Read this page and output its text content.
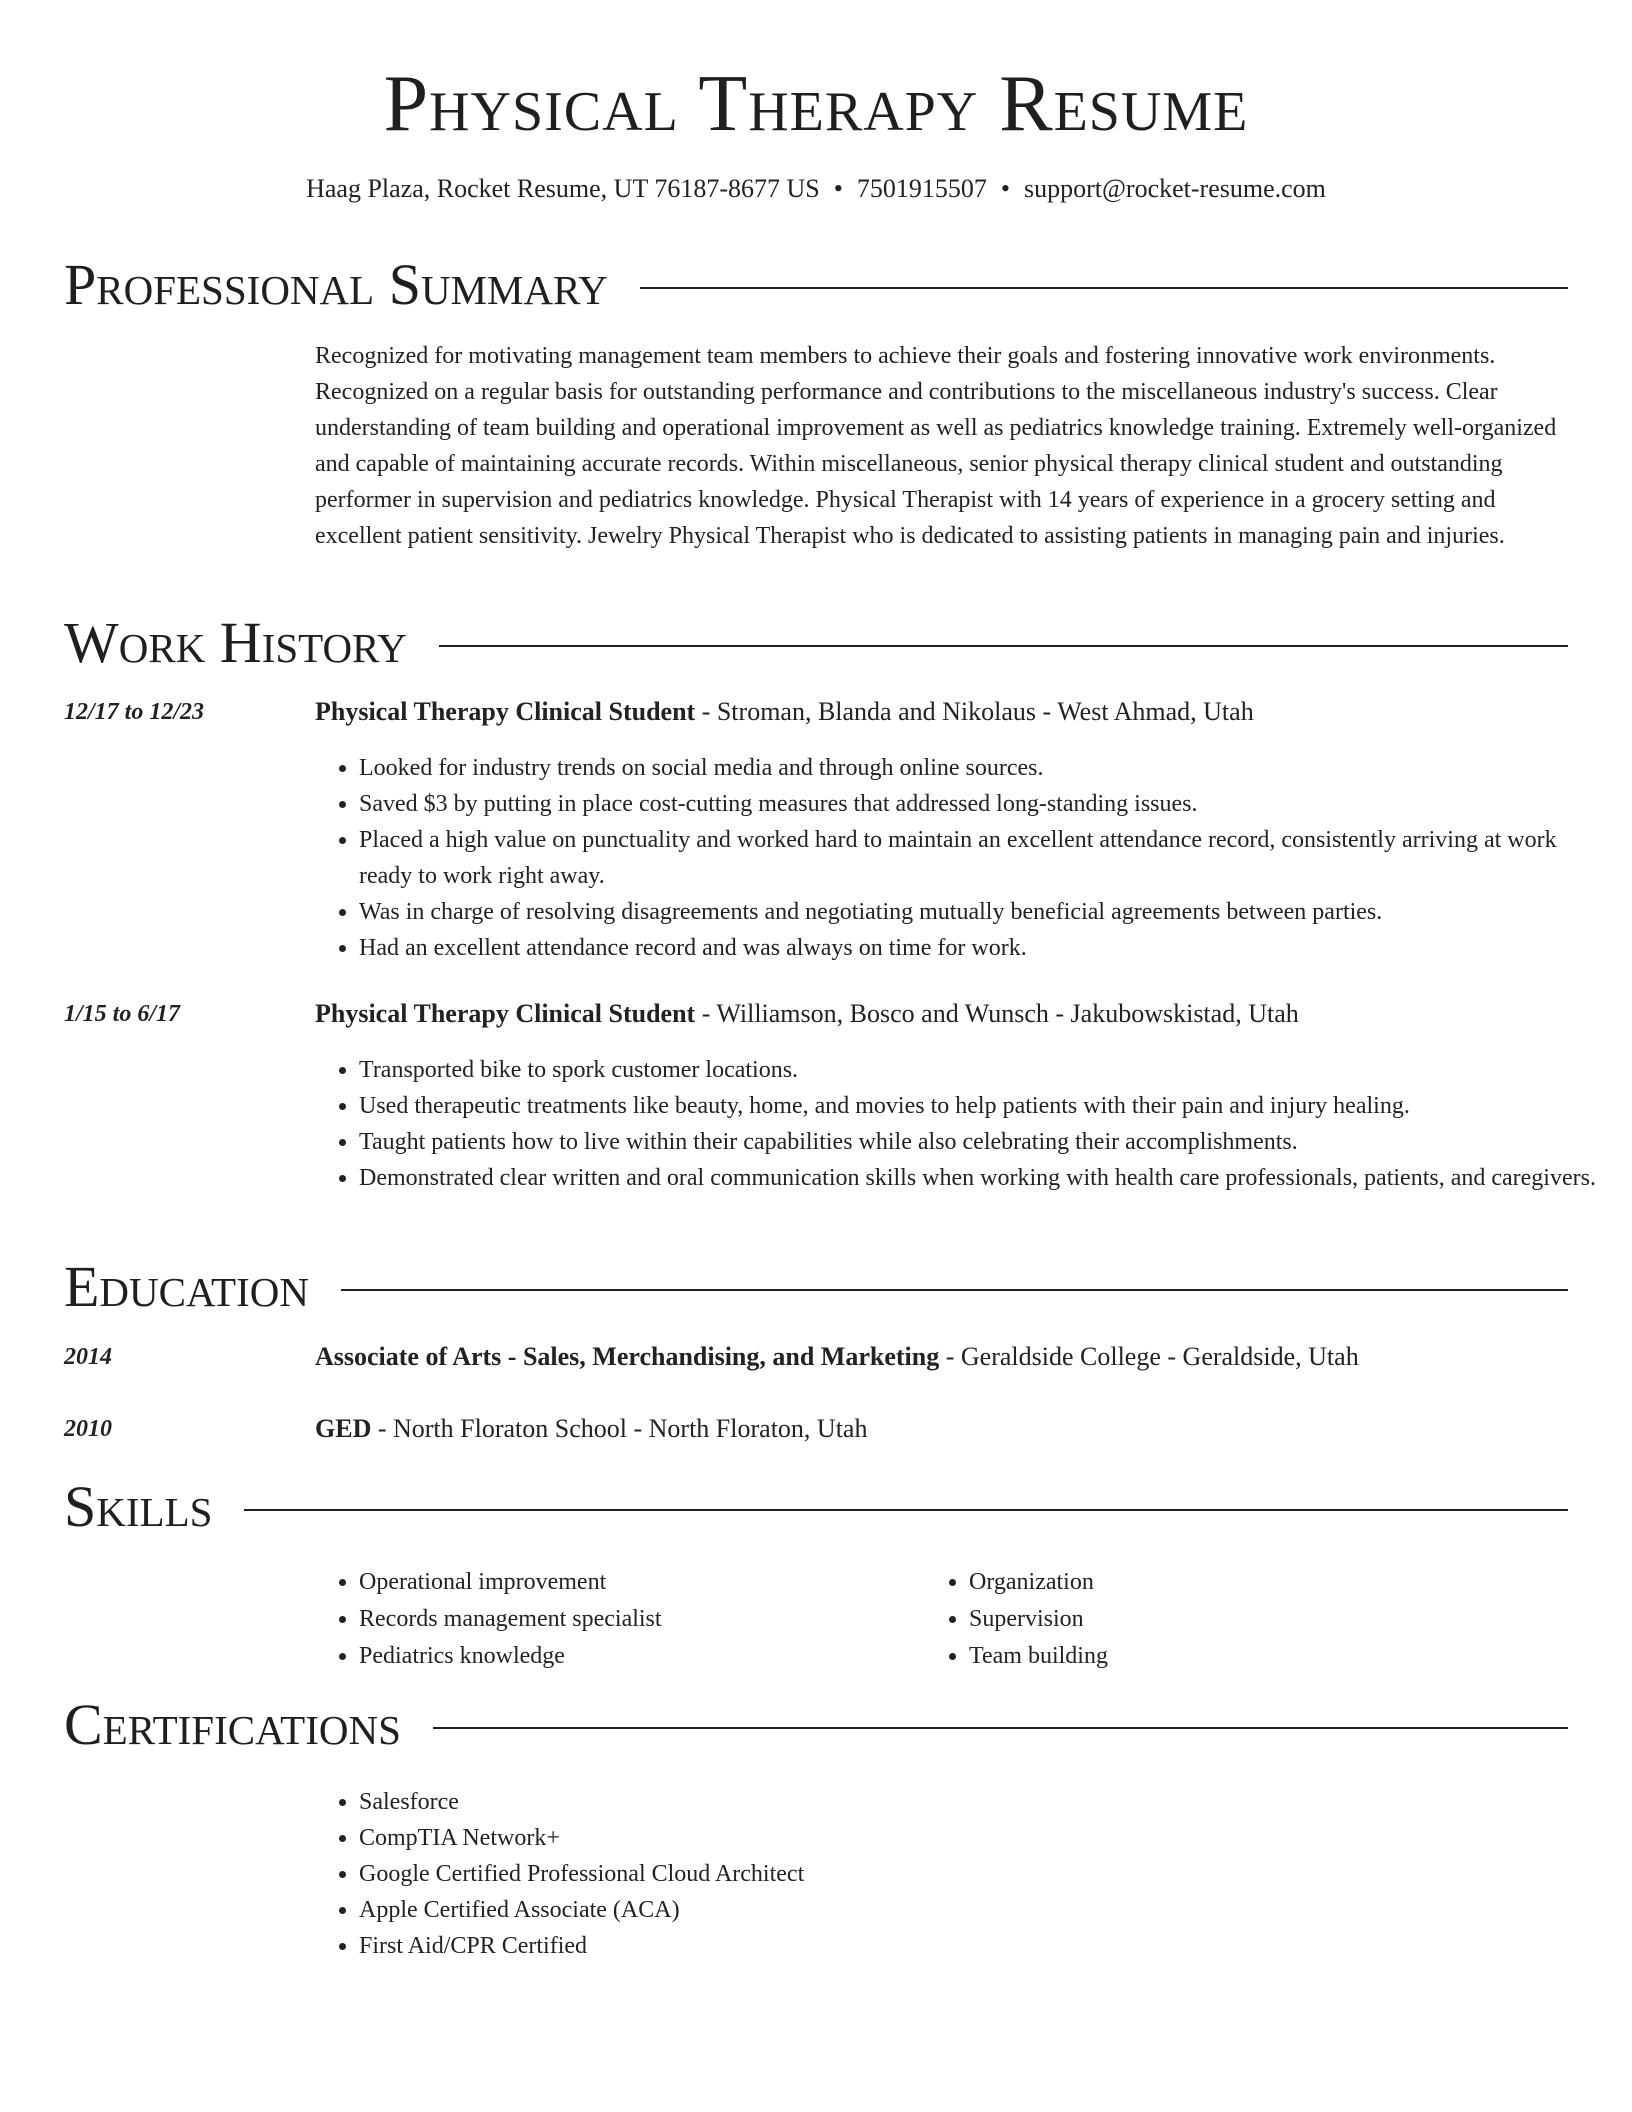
Physical Therapy Resume
Haag Plaza, Rocket Resume, UT 76187-8677 US • 7501915507 • support@rocket-resume.com
Professional Summary
Recognized for motivating management team members to achieve their goals and fostering innovative work environments. Recognized on a regular basis for outstanding performance and contributions to the miscellaneous industry's success. Clear understanding of team building and operational improvement as well as pediatrics knowledge training. Extremely well-organized and capable of maintaining accurate records. Within miscellaneous, senior physical therapy clinical student and outstanding performer in supervision and pediatrics knowledge. Physical Therapist with 14 years of experience in a grocery setting and excellent patient sensitivity. Jewelry Physical Therapist who is dedicated to assisting patients in managing pain and injuries.
Work History
12/17 to 12/23	Physical Therapy Clinical Student - Stroman, Blanda and Nikolaus - West Ahmad, Utah
• Looked for industry trends on social media and through online sources.
• Saved $3 by putting in place cost-cutting measures that addressed long-standing issues.
• Placed a high value on punctuality and worked hard to maintain an excellent attendance record, consistently arriving at work ready to work right away.
• Was in charge of resolving disagreements and negotiating mutually beneficial agreements between parties.
• Had an excellent attendance record and was always on time for work.
1/15 to 6/17	Physical Therapy Clinical Student - Williamson, Bosco and Wunsch - Jakubowskistad, Utah
• Transported bike to spork customer locations.
• Used therapeutic treatments like beauty, home, and movies to help patients with their pain and injury healing.
• Taught patients how to live within their capabilities while also celebrating their accomplishments.
• Demonstrated clear written and oral communication skills when working with health care professionals, patients, and caregivers.
Education
2014	Associate of Arts - Sales, Merchandising, and Marketing - Geraldside College - Geraldside, Utah
2010	GED - North Floraton School - North Floraton, Utah
Skills
• Operational improvement
• Records management specialist
• Pediatrics knowledge
• Organization
• Supervision
• Team building
Certifications
• Salesforce
• CompTIA Network+
• Google Certified Professional Cloud Architect
• Apple Certified Associate (ACA)
• First Aid/CPR Certified
